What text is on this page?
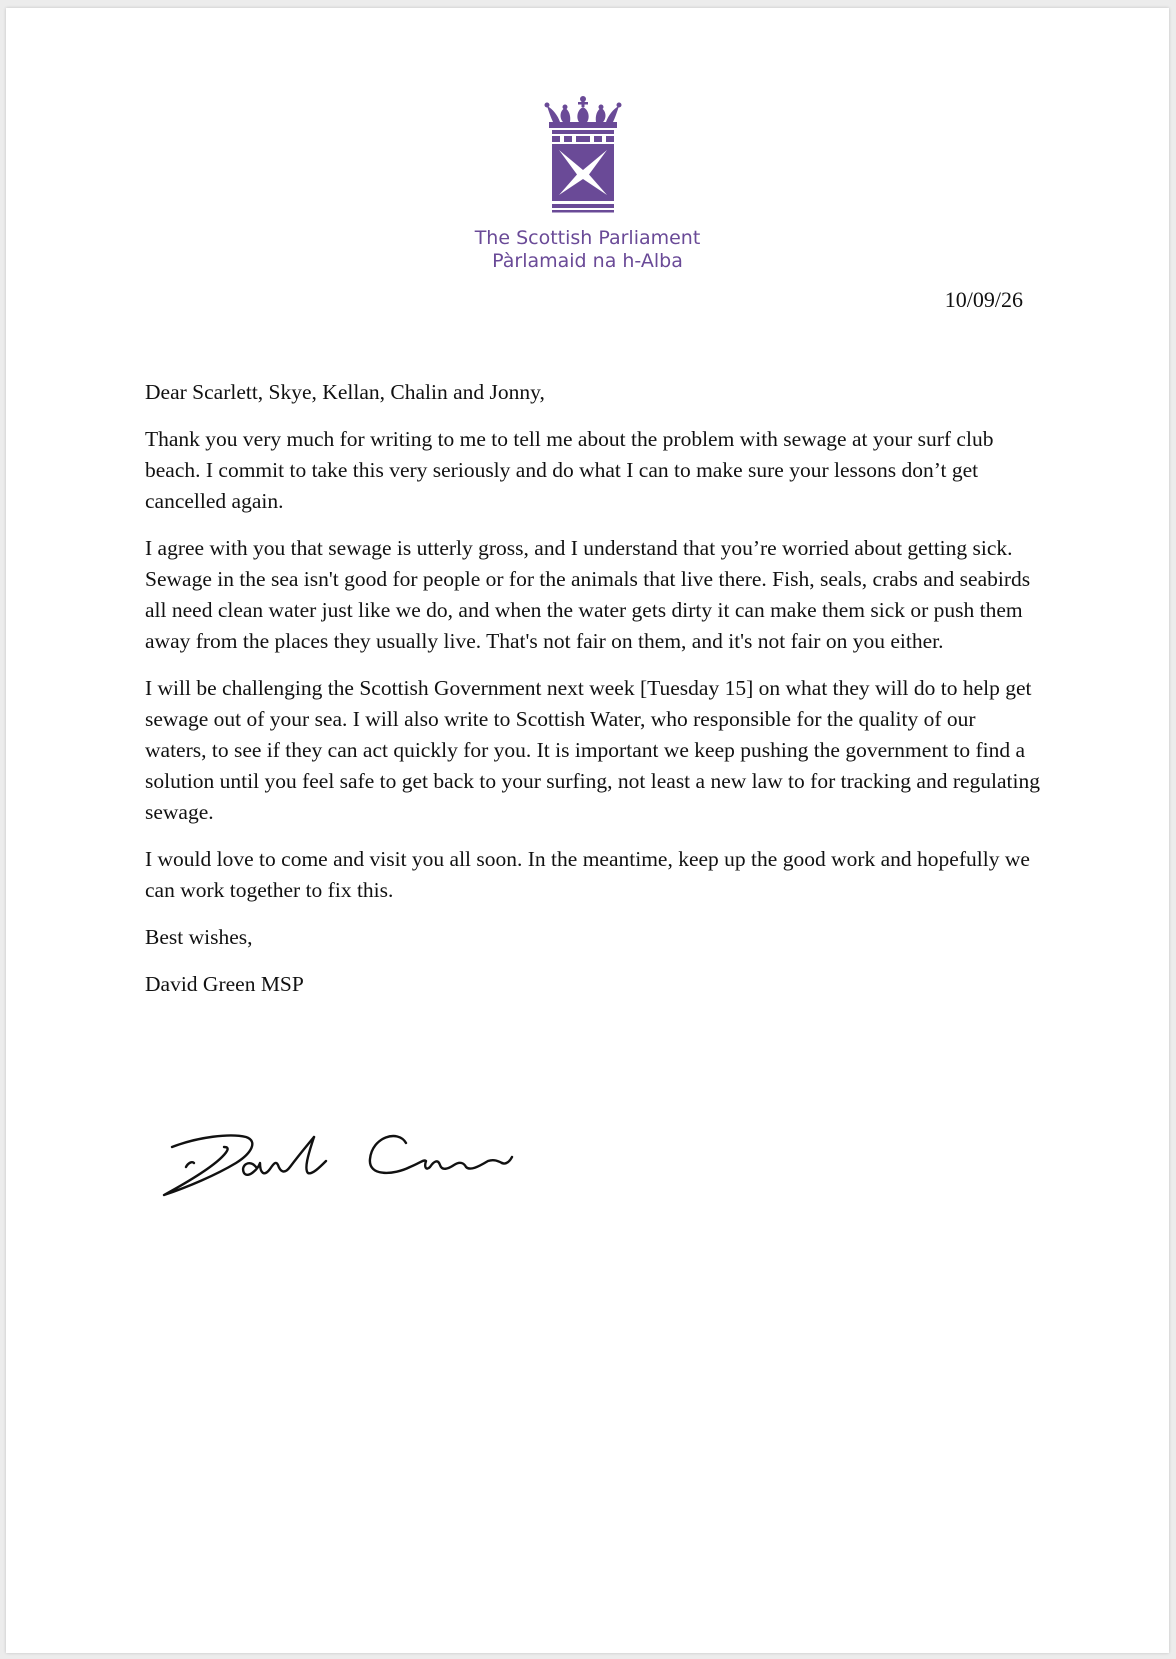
The Scottish Parliament
Pàrlamaid na h-Alba
10/09/26

Dear Scarlett, Skye, Kellan, Chalin and Jonny,

Thank you very much for writing to me to tell me about the problem with sewage at your surf club beach. I commit to take this very seriously and do what I can to make sure your lessons don’t get cancelled again.

I agree with you that sewage is utterly gross, and I understand that you’re worried about getting sick. Sewage in the sea isn't good for people or for the animals that live there. Fish, seals, crabs and seabirds all need clean water just like we do, and when the water gets dirty it can make them sick or push them away from the places they usually live. That's not fair on them, and it's not fair on you either.

I will be challenging the Scottish Government next week [Tuesday 15] on what they will do to help get sewage out of your sea. I will also write to Scottish Water, who responsible for the quality of our waters, to see if they can act quickly for you. It is important we keep pushing the government to find a solution until you feel safe to get back to your surfing, not least a new law to for tracking and regulating sewage.

I would love to come and visit you all soon. In the meantime, keep up the good work and hopefully we can work together to fix this.

Best wishes,

David Green MSP
